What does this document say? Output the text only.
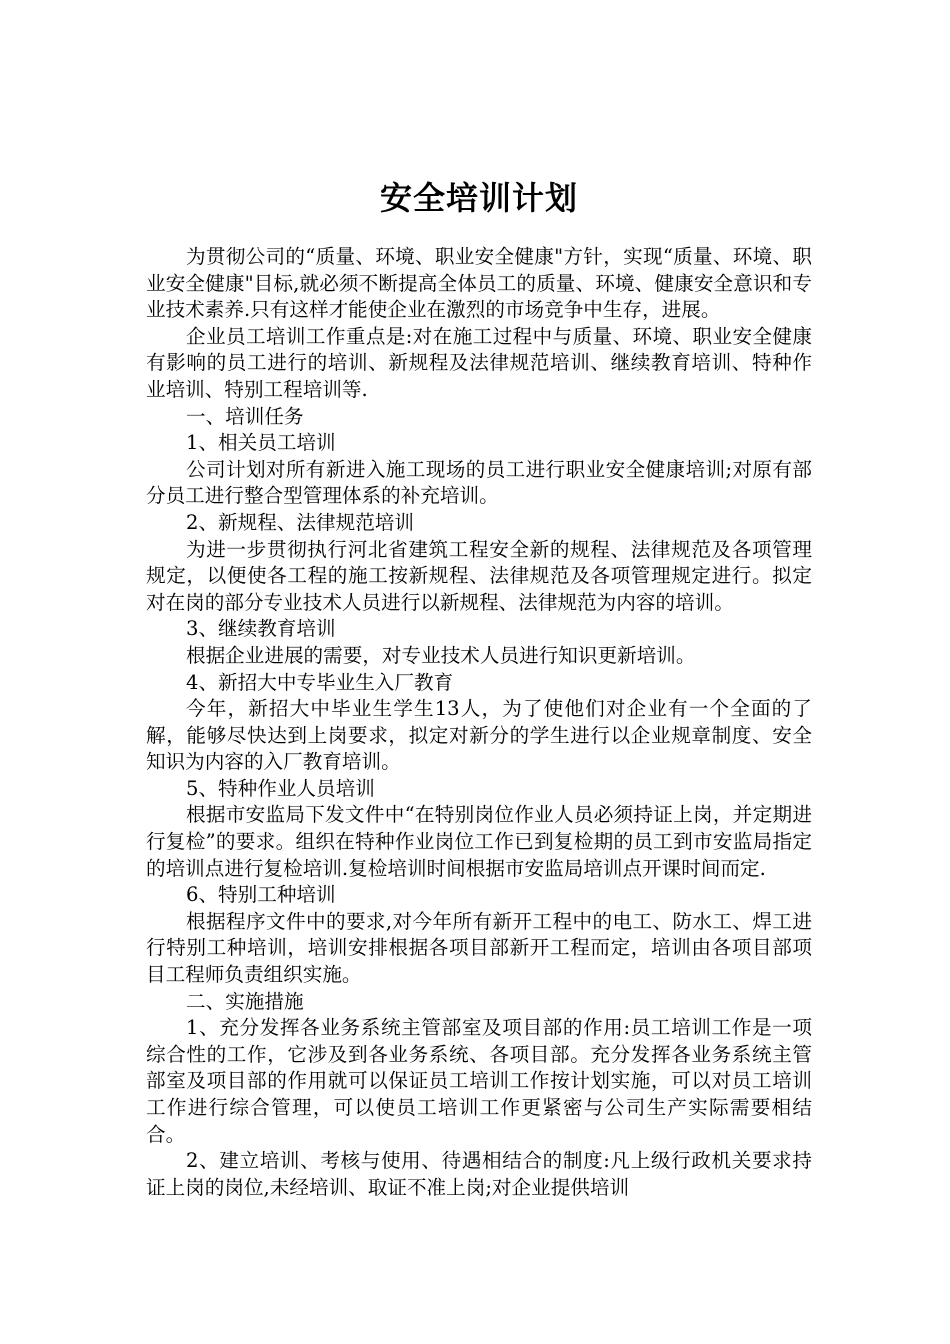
安全培训计划

为贯彻公司的“质量、环境、职业安全健康"方针，实现“质量、环境、职业安全健康"目标,就必须不断提高全体员工的质量、环境、健康安全意识和专业技术素养.只有这样才能使企业在激烈的市场竞争中生存，进展。

企业员工培训工作重点是:对在施工过程中与质量、环境、职业安全健康有影响的员工进行的培训、新规程及法律规范培训、继续教育培训、特种作业培训、特别工程培训等.

一、培训任务

1、相关员工培训

公司计划对所有新进入施工现场的员工进行职业安全健康培训;对原有部分员工进行整合型管理体系的补充培训。

2、新规程、法律规范培训

为进一步贯彻执行河北省建筑工程安全新的规程、法律规范及各项管理规定，以便使各工程的施工按新规程、法律规范及各项管理规定进行。拟定对在岗的部分专业技术人员进行以新规程、法律规范为内容的培训。

3、继续教育培训

根据企业进展的需要，对专业技术人员进行知识更新培训。

4、新招大中专毕业生入厂教育

今年，新招大中毕业生学生13人，为了使他们对企业有一个全面的了解，能够尽快达到上岗要求，拟定对新分的学生进行以企业规章制度、安全知识为内容的入厂教育培训。

5、特种作业人员培训

根据市安监局下发文件中“在特别岗位作业人员必须持证上岗，并定期进行复检”的要求。组织在特种作业岗位工作已到复检期的员工到市安监局指定的培训点进行复检培训.复检培训时间根据市安监局培训点开课时间而定.

6、特别工种培训

根据程序文件中的要求,对今年所有新开工程中的电工、防水工、焊工进行特别工种培训，培训安排根据各项目部新开工程而定，培训由各项目部项目工程师负责组织实施。

二、实施措施

1、充分发挥各业务系统主管部室及项目部的作用:员工培训工作是一项综合性的工作，它涉及到各业务系统、各项目部。充分发挥各业务系统主管部室及项目部的作用就可以保证员工培训工作按计划实施，可以对员工培训工作进行综合管理，可以使员工培训工作更紧密与公司生产实际需要相结合。

2、建立培训、考核与使用、待遇相结合的制度:凡上级行政机关要求持证上岗的岗位,未经培训、取证不准上岗;对企业提供培训
